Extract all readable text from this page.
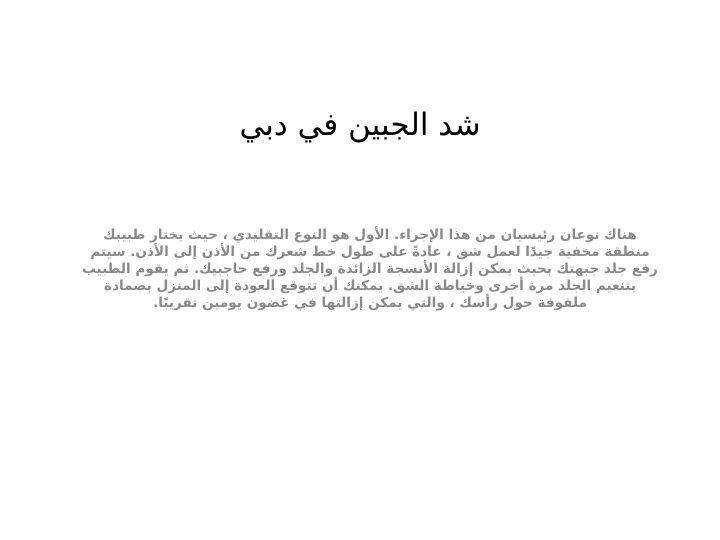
شد الجبين في دبي

هناك نوعان رئيسيان من هذا الإجراء. الأول هو النوع التقليدي ، حيث يختار طبيبك منطقة مخفية جيدًا لعمل شق ، عادةً على طول خط شعرك من الأذن إلى الأذن. سيتم رفع جلد جبهتك بحيث يمكن إزالة الأنسجة الزائدة والجلد ورفع حاجبيك. ثم يقوم الطبيب بتنعيم الجلد مرة أخرى وخياطة الشق. يمكنك أن تتوقع العودة إلى المنزل بضمادة ملفوفة حول رأسك ، والتي يمكن إزالتها في غضون يومين تقريبًا.
